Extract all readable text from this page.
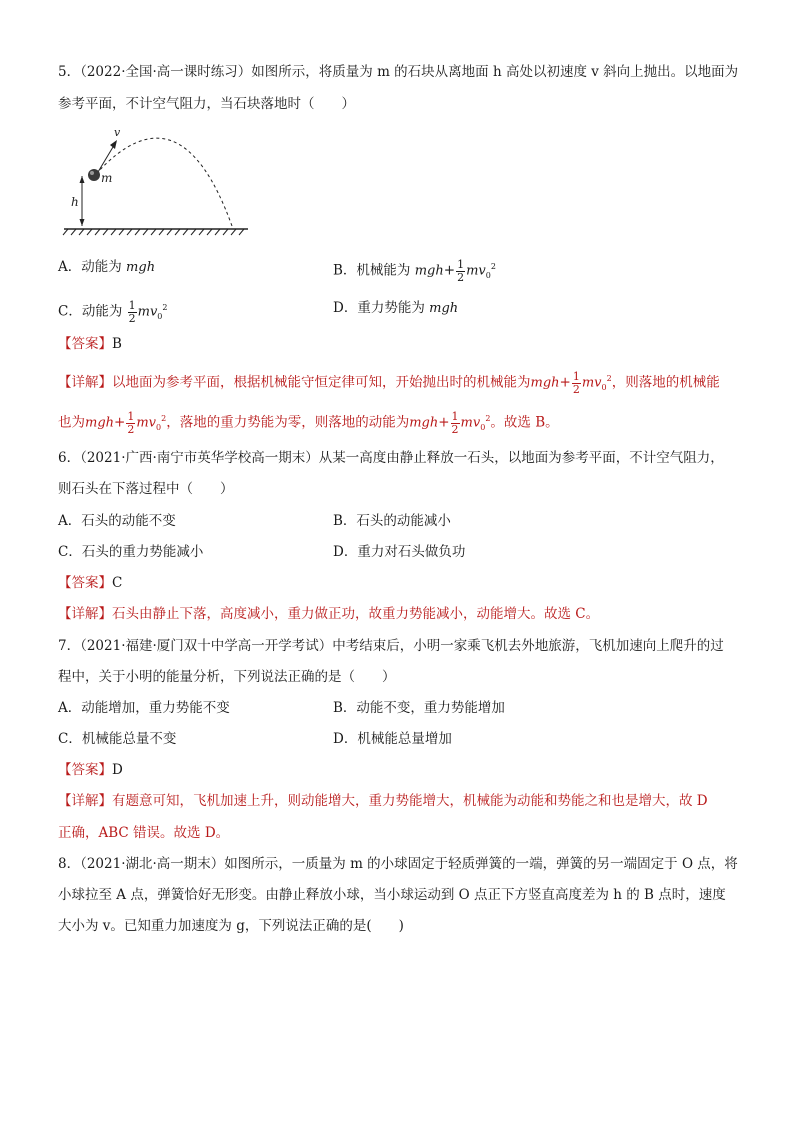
5．（2022·全国·高一课时练习）如图所示，将质量为 m 的石块从离地面 h 高处以初速度 v 斜向上抛出。以地面为
参考平面，不计空气阻力，当石块落地时（　　）
h
v
m
A．动能为 mgh	B．机械能为 $mgh+ \frac{1}{2} mv_0^2$
C．动能为 $\frac{1}{2} mv_0^2$	D．重力势能为 mgh
【答案】B
【详解】以地面为参考平面，根据机械能守恒定律可知，开始抛出时的机械能为$mgh+ \frac{1}{2} mv_0^2$，则落地的机械能
也为$mgh+ \frac{1}{2} mv_0^2$，落地的重力势能为零，则落地的动能为$mgh+ \frac{1}{2} mv_0^2$。故选 B。
6．（2021·广西·南宁市英华学校高一期末）从某一高度由静止释放一石头，以地面为参考平面，不计空气阻力，
则石头在下落过程中（　　）
A．石头的动能不变	B．石头的动能减小
C．石头的重力势能减小	D．重力对石头做负功
【答案】C
【详解】石头由静止下落，高度减小，重力做正功，故重力势能减小，动能增大。故选 C。
7．（2021·福建·厦门双十中学高一开学考试）中考结束后，小明一家乘飞机去外地旅游，飞机加速向上爬升的过
程中，关于小明的能量分析，下列说法正确的是（　　）
A．动能增加，重力势能不变	B．动能不变，重力势能增加
C．机械能总量不变	D．机械能总量增加
【答案】D
【详解】有题意可知，飞机加速上升，则动能增大，重力势能增大，机械能为动能和势能之和也是增大，故 D
正确，ABC 错误。故选 D。
8．（2021·湖北·高一期末）如图所示，一质量为 m 的小球固定于轻质弹簧的一端，弹簧的另一端固定于 O 点，将
小球拉至 A 点，弹簧恰好无形变。由静止释放小球，当小球运动到 O 点正下方竖直高度差为 h 的 B 点时，速度
大小为 v。已知重力加速度为 g，下列说法正确的是(　　)
